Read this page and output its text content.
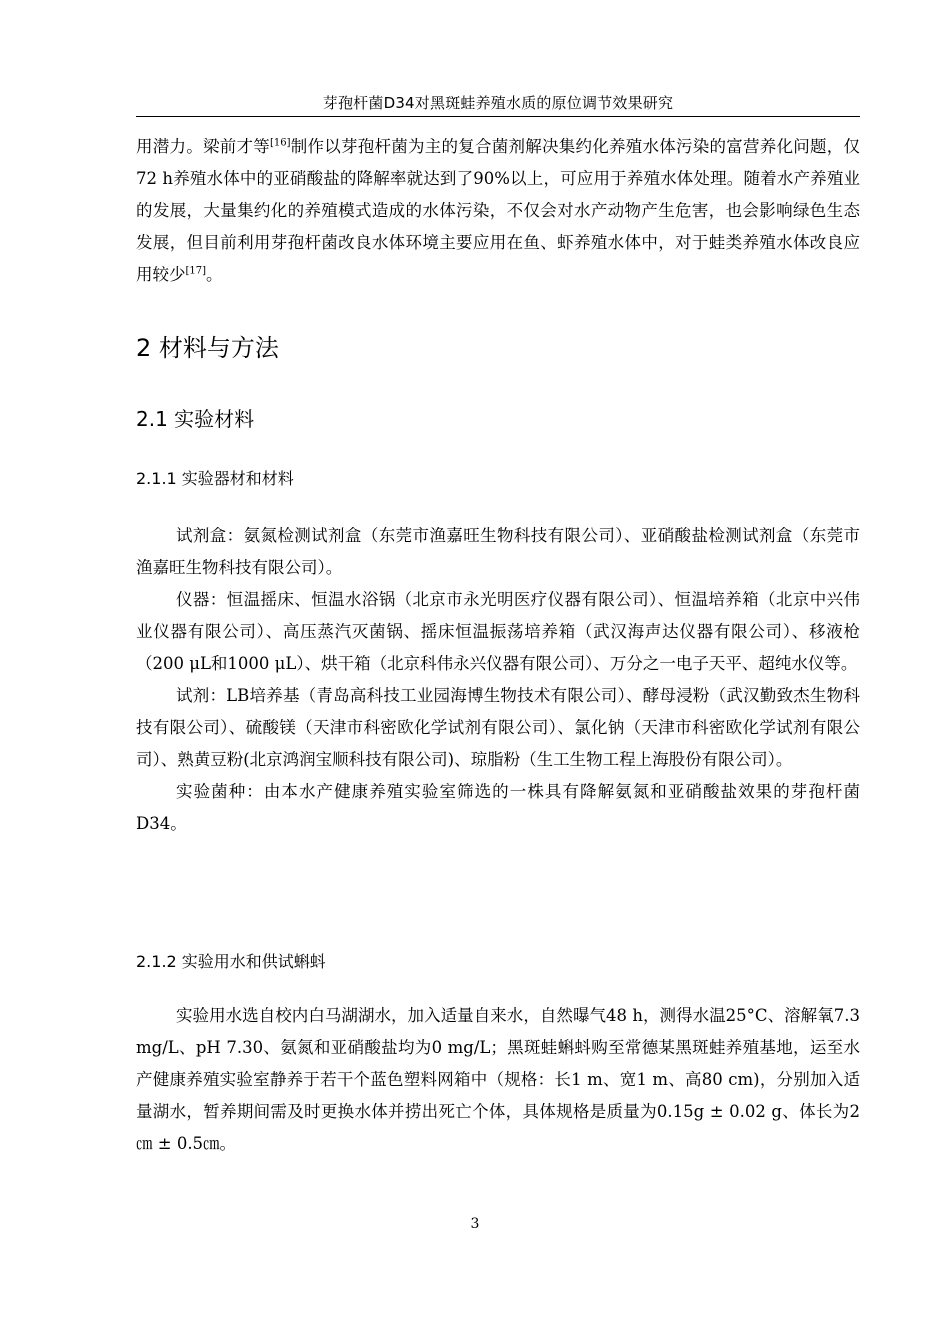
芽孢杆菌D34对黑斑蛙养殖水质的原位调节效果研究
用潜力。梁前才等[16]制作以芽孢杆菌为主的复合菌剂解决集约化养殖水体污染的富营养化问题，仅72 h养殖水体中的亚硝酸盐的降解率就达到了90%以上，可应用于养殖水体处理。随着水产养殖业的发展，大量集约化的养殖模式造成的水体污染，不仅会对水产动物产生危害，也会影响绿色生态发展，但目前利用芽孢杆菌改良水体环境主要应用在鱼、虾养殖水体中，对于蛙类养殖水体改良应用较少[17]。
2 材料与方法
2.1 实验材料
2.1.1 实验器材和材料

试剂盒：氨氮检测试剂盒（东莞市渔嘉旺生物科技有限公司）、亚硝酸盐检测试剂盒（东莞市渔嘉旺生物科技有限公司）。

仪器：恒温摇床、恒温水浴锅（北京市永光明医疗仪器有限公司）、恒温培养箱（北京中兴伟业仪器有限公司）、高压蒸汽灭菌锅、摇床恒温振荡培养箱（武汉海声达仪器有限公司）、移液枪（200 μL和1000 μL）、烘干箱（北京科伟永兴仪器有限公司）、万分之一电子天平、超纯水仪等。

试剂：LB培养基（青岛高科技工业园海博生物技术有限公司）、酵母浸粉（武汉勤致杰生物科技有限公司）、硫酸镁（天津市科密欧化学试剂有限公司）、氯化钠（天津市科密欧化学试剂有限公司）、熟黄豆粉(北京鸿润宝顺科技有限公司)、琼脂粉（生工生物工程上海股份有限公司）。

实验菌种：由本水产健康养殖实验室筛选的一株具有降解氨氮和亚硝酸盐效果的芽孢杆菌D34。

2.1.2 实验用水和供试蝌蚪

实验用水选自校内白马湖湖水，加入适量自来水，自然曝气48 h，测得水温25°C、溶解氧7.3 mg/L、pH 7.30、氨氮和亚硝酸盐均为0 mg/L；黑斑蛙蝌蚪购至常德某黑斑蛙养殖基地，运至水产健康养殖实验室静养于若干个蓝色塑料网箱中（规格：长1 m、宽1 m、高80 cm)，分别加入适量湖水，暂养期间需及时更换水体并捞出死亡个体，具体规格是质量为0.15g ± 0.02 g、体长为2㎝ ± 0.5㎝。

3
